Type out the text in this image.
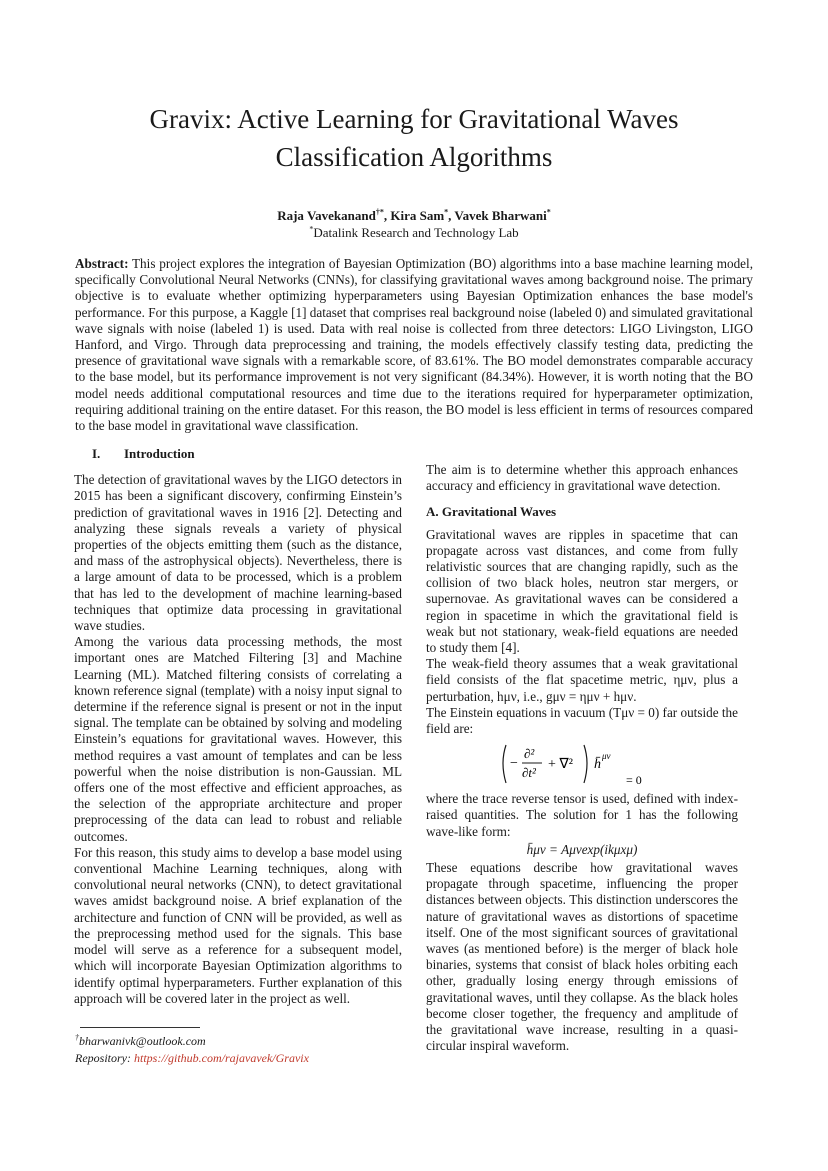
Gravix: Active Learning for Gravitational Waves
Classification Algorithms
Raja Vavekanand†*, Kira Sam*, Vavek Bharwani*
*Datalink Research and Technology Lab
Abstract: This project explores the integration of Bayesian Optimization (BO) algorithms into a base machine learning model, specifically Convolutional Neural Networks (CNNs), for classifying gravitational waves among background noise. The primary objective is to evaluate whether optimizing hyperparameters using Bayesian Optimization enhances the base model's performance. For this purpose, a Kaggle [1] dataset that comprises real background noise (labeled 0) and simulated gravitational wave signals with noise (labeled 1) is used. Data with real noise is collected from three detectors: LIGO Livingston, LIGO Hanford, and Virgo. Through data preprocessing and training, the models effectively classify testing data, predicting the presence of gravitational wave signals with a remarkable score, of 83.61%. The BO model demonstrates comparable accuracy to the base model, but its performance improvement is not very significant (84.34%). However, it is worth noting that the BO model needs additional computational resources and time due to the iterations required for hyperparameter optimization, requiring additional training on the entire dataset. For this reason, the BO model is less efficient in terms of resources compared to the base model in gravitational wave classification.
I. Introduction

The detection of gravitational waves by the LIGO detectors in 2015 has been a significant discovery, confirming Einstein’s prediction of gravitational waves in 1916 [2]. Detecting and analyzing these signals reveals a variety of physical properties of the objects emitting them (such as the distance, and mass of the astrophysical objects). Nevertheless, there is a large amount of data to be processed, which is a problem that has led to the development of machine learning-based techniques that optimize data processing in gravitational wave studies.

Among the various data processing methods, the most important ones are Matched Filtering [3] and Machine Learning (ML). Matched filtering consists of correlating a known reference signal (template) with a noisy input signal to determine if the reference signal is present or not in the input signal. The template can be obtained by solving and modeling Einstein’s equations for gravitational waves. However, this method requires a vast amount of templates and can be less powerful when the noise distribution is non-Gaussian. ML offers one of the most effective and efficient approaches, as the selection of the appropriate architecture and proper preprocessing of the data can lead to robust and reliable outcomes.

For this reason, this study aims to develop a base model using conventional Machine Learning techniques, along with convolutional neural networks (CNN), to detect gravitational waves amidst background noise. A brief explanation of the architecture and function of CNN will be provided, as well as the preprocessing method used for the signals. This base model will serve as a reference for a subsequent model, which will incorporate Bayesian Optimization algorithms to identify optimal hyperparameters. Further explanation of this approach will be covered later in the project as well.

The aim is to determine whether this approach enhances accuracy and efficiency in gravitational wave detection.

A. Gravitational Waves

Gravitational waves are ripples in spacetime that can propagate across vast distances, and come from fully relativistic sources that are changing rapidly, such as the collision of two black holes, neutron star mergers, or supernovae. As gravitational waves can be considered a region in spacetime in which the gravitational field is weak but not stationary, weak-field equations are needed to study them [4].

The weak-field theory assumes that a weak gravitational field consists of the flat spacetime metric, ημν, plus a perturbation, hμν, i.e., gμν = ημν + hμν.

The Einstein equations in vacuum (Tμν = 0) far outside the field are:

−
∂²
∂t²
+ ∇² h̄
μν
= 0

where the trace reverse tensor is used, defined with index-raised quantities. The solution for 1 has the following wave-like form:

h̄μν = Aμνexp(ikμxμ)

These equations describe how gravitational waves propagate through spacetime, influencing the proper distances between objects. This distinction underscores the nature of gravitational waves as distortions of spacetime itself. One of the most significant sources of gravitational waves (as mentioned before) is the merger of black hole binaries, systems that consist of black holes orbiting each other, gradually losing energy through emissions of gravitational waves, until they collapse. As the black holes become closer together, the frequency and amplitude of the gravitational wave increase, resulting in a quasi-circular inspiral waveform.

†bharwanivk@outlook.com
Repository: https://github.com/rajavavek/Gravix
